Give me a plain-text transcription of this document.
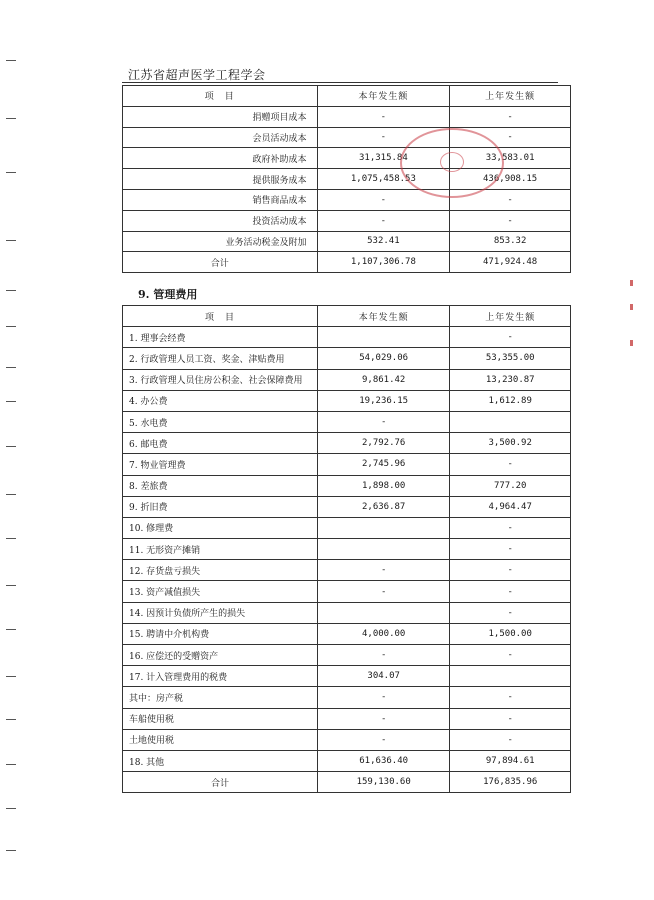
江苏省超声医学工程学会
项　目	本年发生额	上年发生额
捐赠项目成本	-	-
会员活动成本	-	-
政府补助成本	31,315.84	33,583.01
提供服务成本	1,075,458.53	436,908.15
销售商品成本	-	-
投资活动成本	-	-
业务活动税金及附加	532.41	853.32
合计	1,107,306.78	471,924.48
9. 管理费用
项　目	本年发生额	上年发生额
1. 理事会经费		-
2. 行政管理人员工资、奖金、津贴费用	54,029.06	53,355.00
3. 行政管理人员住房公积金、社会保障费用	9,861.42	13,230.87
4. 办公费	19,236.15	1,612.89
5. 水电费	-	
6. 邮电费	2,792.76	3,500.92
7. 物业管理费	2,745.96	-
8. 差旅费	1,898.00	777.20
9. 折旧费	2,636.87	4,964.47
10. 修理费		-
11. 无形资产摊销		-
12. 存货盘亏损失	-	-
13. 资产减值损失	-	-
14. 因预计负债所产生的损失		-
15. 聘请中介机构费	4,000.00	1,500.00
16. 应偿还的受赠资产	-	-
17. 计入管理费用的税费	304.07	
其中：房产税	-	-
车船使用税	-	-
土地使用税	-	-
18. 其他	61,636.40	97,894.61
合计	159,130.60	176,835.96
